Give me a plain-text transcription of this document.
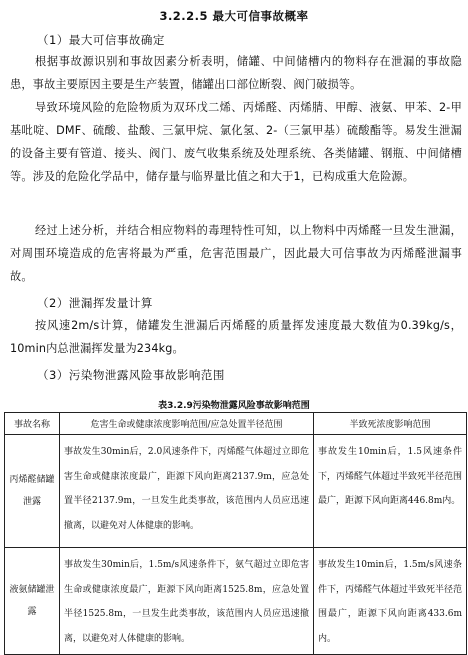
3.2.2.5 最大可信事故概率
（1）最大可信事故确定

根据事故源识别和事故因素分析表明，储罐、中间储槽内的物料存在泄漏的事故隐患，事故主要原因主要是生产装置，储罐出口部位断裂、阀门破损等。

导致环境风险的危险物质为双环戊二烯、丙烯醛、丙烯腈、甲醇、液氨、甲苯、2-甲基吡啶、DMF、硫酸、盐酸、三氯甲烷、氯化氢、2-（三氯甲基）硫酸酯等。易发生泄漏的设备主要有管道、接头、阀门、废气收集系统及处理系统、各类储罐、钢瓶、中间储槽等。涉及的危险化学品中，储存量与临界量比值之和大于1，已构成重大危险源。

经过上述分析，并结合相应物料的毒理特性可知，以上物料中丙烯醛一旦发生泄漏，对周围环境造成的危害将最为严重，危害范围最广，因此最大可信事故为丙烯醛泄漏事故。

（2）泄漏挥发量计算

按风速2m/s计算，储罐发生泄漏后丙烯醛的质量挥发速度最大数值为0.39kg/s，10min内总泄漏挥发量为234kg。

（3）污染物泄露风险事故影响范围
表3.2.9污染物泄露风险事故影响范围
事故名称	危害生命或健康浓度影响范围/应急处置半径范围	半致死浓度影响范围
丙烯醛储罐泄露	事故发生30min后，2.0风速条件下，丙烯醛气体超过立即危害生命或健康浓度最广，距源下风向距离2137.9m，应急处置半径2137.9m，一旦发生此类事故，该范围内人员应迅速撤离，以避免对人体健康的影响。	事故发生10min后，1.5风速条件下，丙烯醛气体超过半致死半径范围最广，距源下风向距离446.8m内。
液氨储罐泄露	事故发生30min后，1.5m/s风速条件下，氨气超过立即危害生命或健康浓度最广，距源下风向距离1525.8m，应急处置半径1525.8m，一旦发生此类事故，该范围内人员应迅速撤离，以避免对人体健康的影响。	事故发生10min后，1.5m/s风速条件下，丙烯醛气体超过半致死半径范围最广，距源下风向距离433.6m内。
